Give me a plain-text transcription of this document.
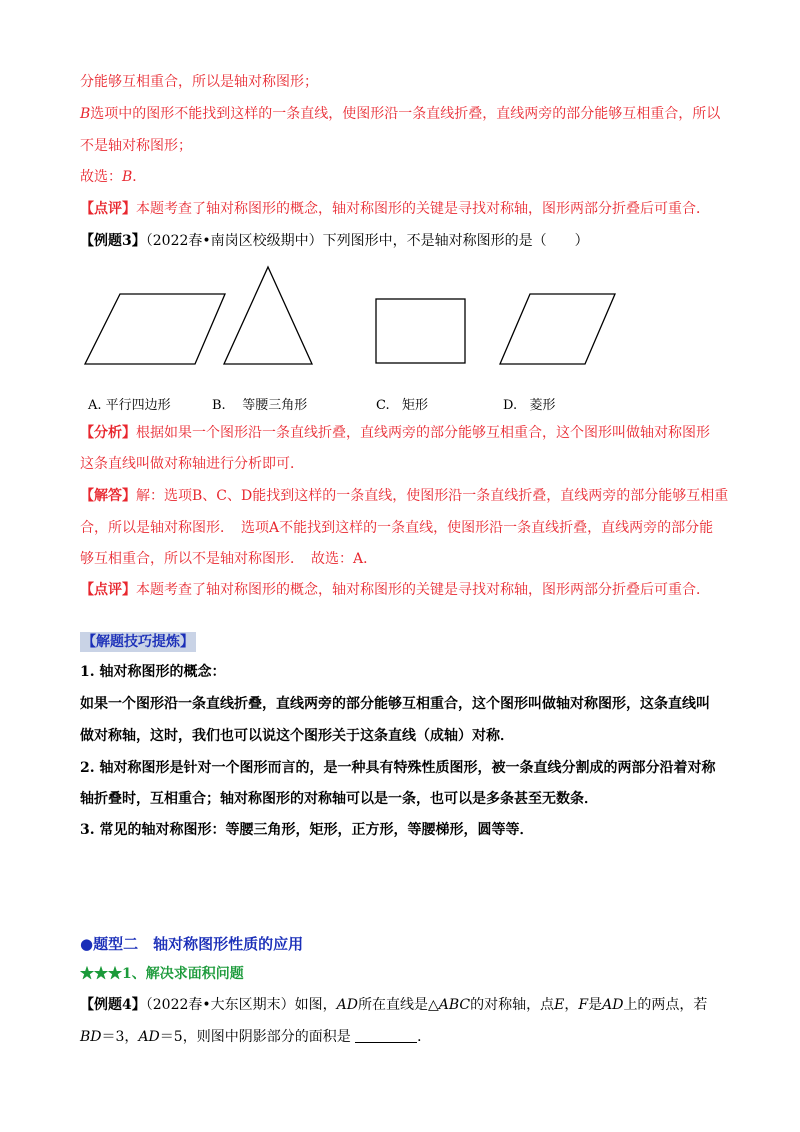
分能够互相重合，所以是轴对称图形；
B选项中的图形不能找到这样的一条直线，使图形沿一条直线折叠，直线两旁的部分能够互相重合，所以
不是轴对称图形；
故选：B．
【点评】本题考查了轴对称图形的概念，轴对称图形的关键是寻找对称轴，图形两部分折叠后可重合．
【例题3】（2022春•南岗区校级期中）下列图形中，不是轴对称图形的是（　　）
A. 平行四边形	B. 等腰三角形	C. 矩形	D. 菱形
【分析】根据如果一个图形沿一条直线折叠，直线两旁的部分能够互相重合，这个图形叫做轴对称图形
这条直线叫做对称轴进行分析即可．
【解答】解：选项B、C、D能找到这样的一条直线，使图形沿一条直线折叠，直线两旁的部分能够互相重
合，所以是轴对称图形．　选项A不能找到这样的一条直线，使图形沿一条直线折叠，直线两旁的部分能
够互相重合，所以不是轴对称图形．　故选：A．
【点评】本题考查了轴对称图形的概念，轴对称图形的关键是寻找对称轴，图形两部分折叠后可重合．
【解题技巧提炼】
1. 轴对称图形的概念：
如果一个图形沿一条直线折叠，直线两旁的部分能够互相重合，这个图形叫做轴对称图形，这条直线叫
做对称轴，这时，我们也可以说这个图形关于这条直线（成轴）对称．
2. 轴对称图形是针对一个图形而言的，是一种具有特殊性质图形，被一条直线分割成的两部分沿着对称
轴折叠时，互相重合；轴对称图形的对称轴可以是一条，也可以是多条甚至无数条．
3. 常见的轴对称图形：等腰三角形，矩形，正方形，等腰梯形，圆等等．
●题型二　轴对称图形性质的应用
★★★1、解决求面积问题
【例题4】（2022春•大东区期末）如图，AD所在直线是△ABC的对称轴，点E，F是AD上的两点，若
BD＝3，AD＝5，则图中阴影部分的面积是	．
